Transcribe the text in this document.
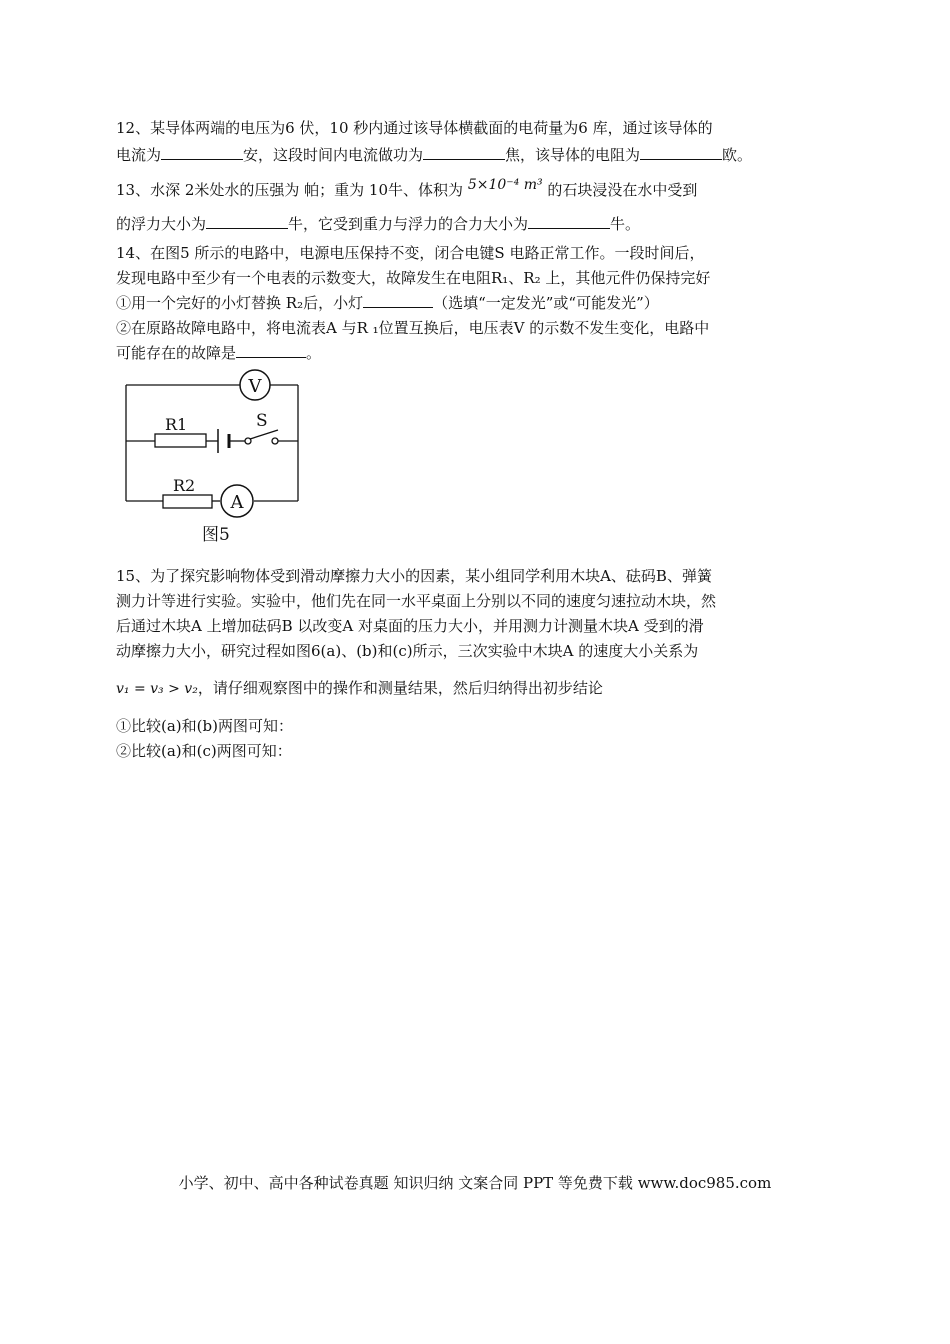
12、某导体两端的电压为6 伏，10 秒内通过该导体横截面的电荷量为6 库，通过该导体的
电流为	安，这段时间内电流做功为	焦，该导体的电阻为	欧。
13、水深 2米处水的压强为 帕；重为 10牛、体积为 5×10⁻⁴ m³ 的石块浸没在水中受到
的浮力大小为	牛，它受到重力与浮力的合力大小为	牛。
14、在图5 所示的电路中，电源电压保持不变，闭合电键S 电路正常工作。一段时间后，
发现电路中至少有一个电表的示数变大，故障发生在电阻R₁、R₂ 上，其他元件仍保持完好
①用一个完好的小灯替换 R₂后，小灯	（选填“一定发光”或“可能发光”）
②在原路故障电路中，将电流表A 与R ₁位置互换后，电压表V 的示数不发生变化，电路中
可能存在的故障是	。
V
R1	S
R2
A
图5
15、为了探究影响物体受到滑动摩擦力大小的因素，某小组同学利用木块A、砝码B、弹簧
测力计等进行实验。实验中，他们先在同一水平桌面上分别以不同的速度匀速拉动木块，然
后通过木块A 上增加砝码B 以改变A 对桌面的压力大小，并用测力计测量木块A 受到的滑
动摩擦力大小，研究过程如图6(a)、(b)和(c)所示，三次实验中木块A 的速度大小关系为
v₁ = v₃ > v₂，请仔细观察图中的操作和测量结果，然后归纳得出初步结论
①比较(a)和(b)两图可知：
②比较(a)和(c)两图可知：
小学、初中、高中各种试卷真题 知识归纳 文案合同 PPT 等免费下载 www.doc985.com
